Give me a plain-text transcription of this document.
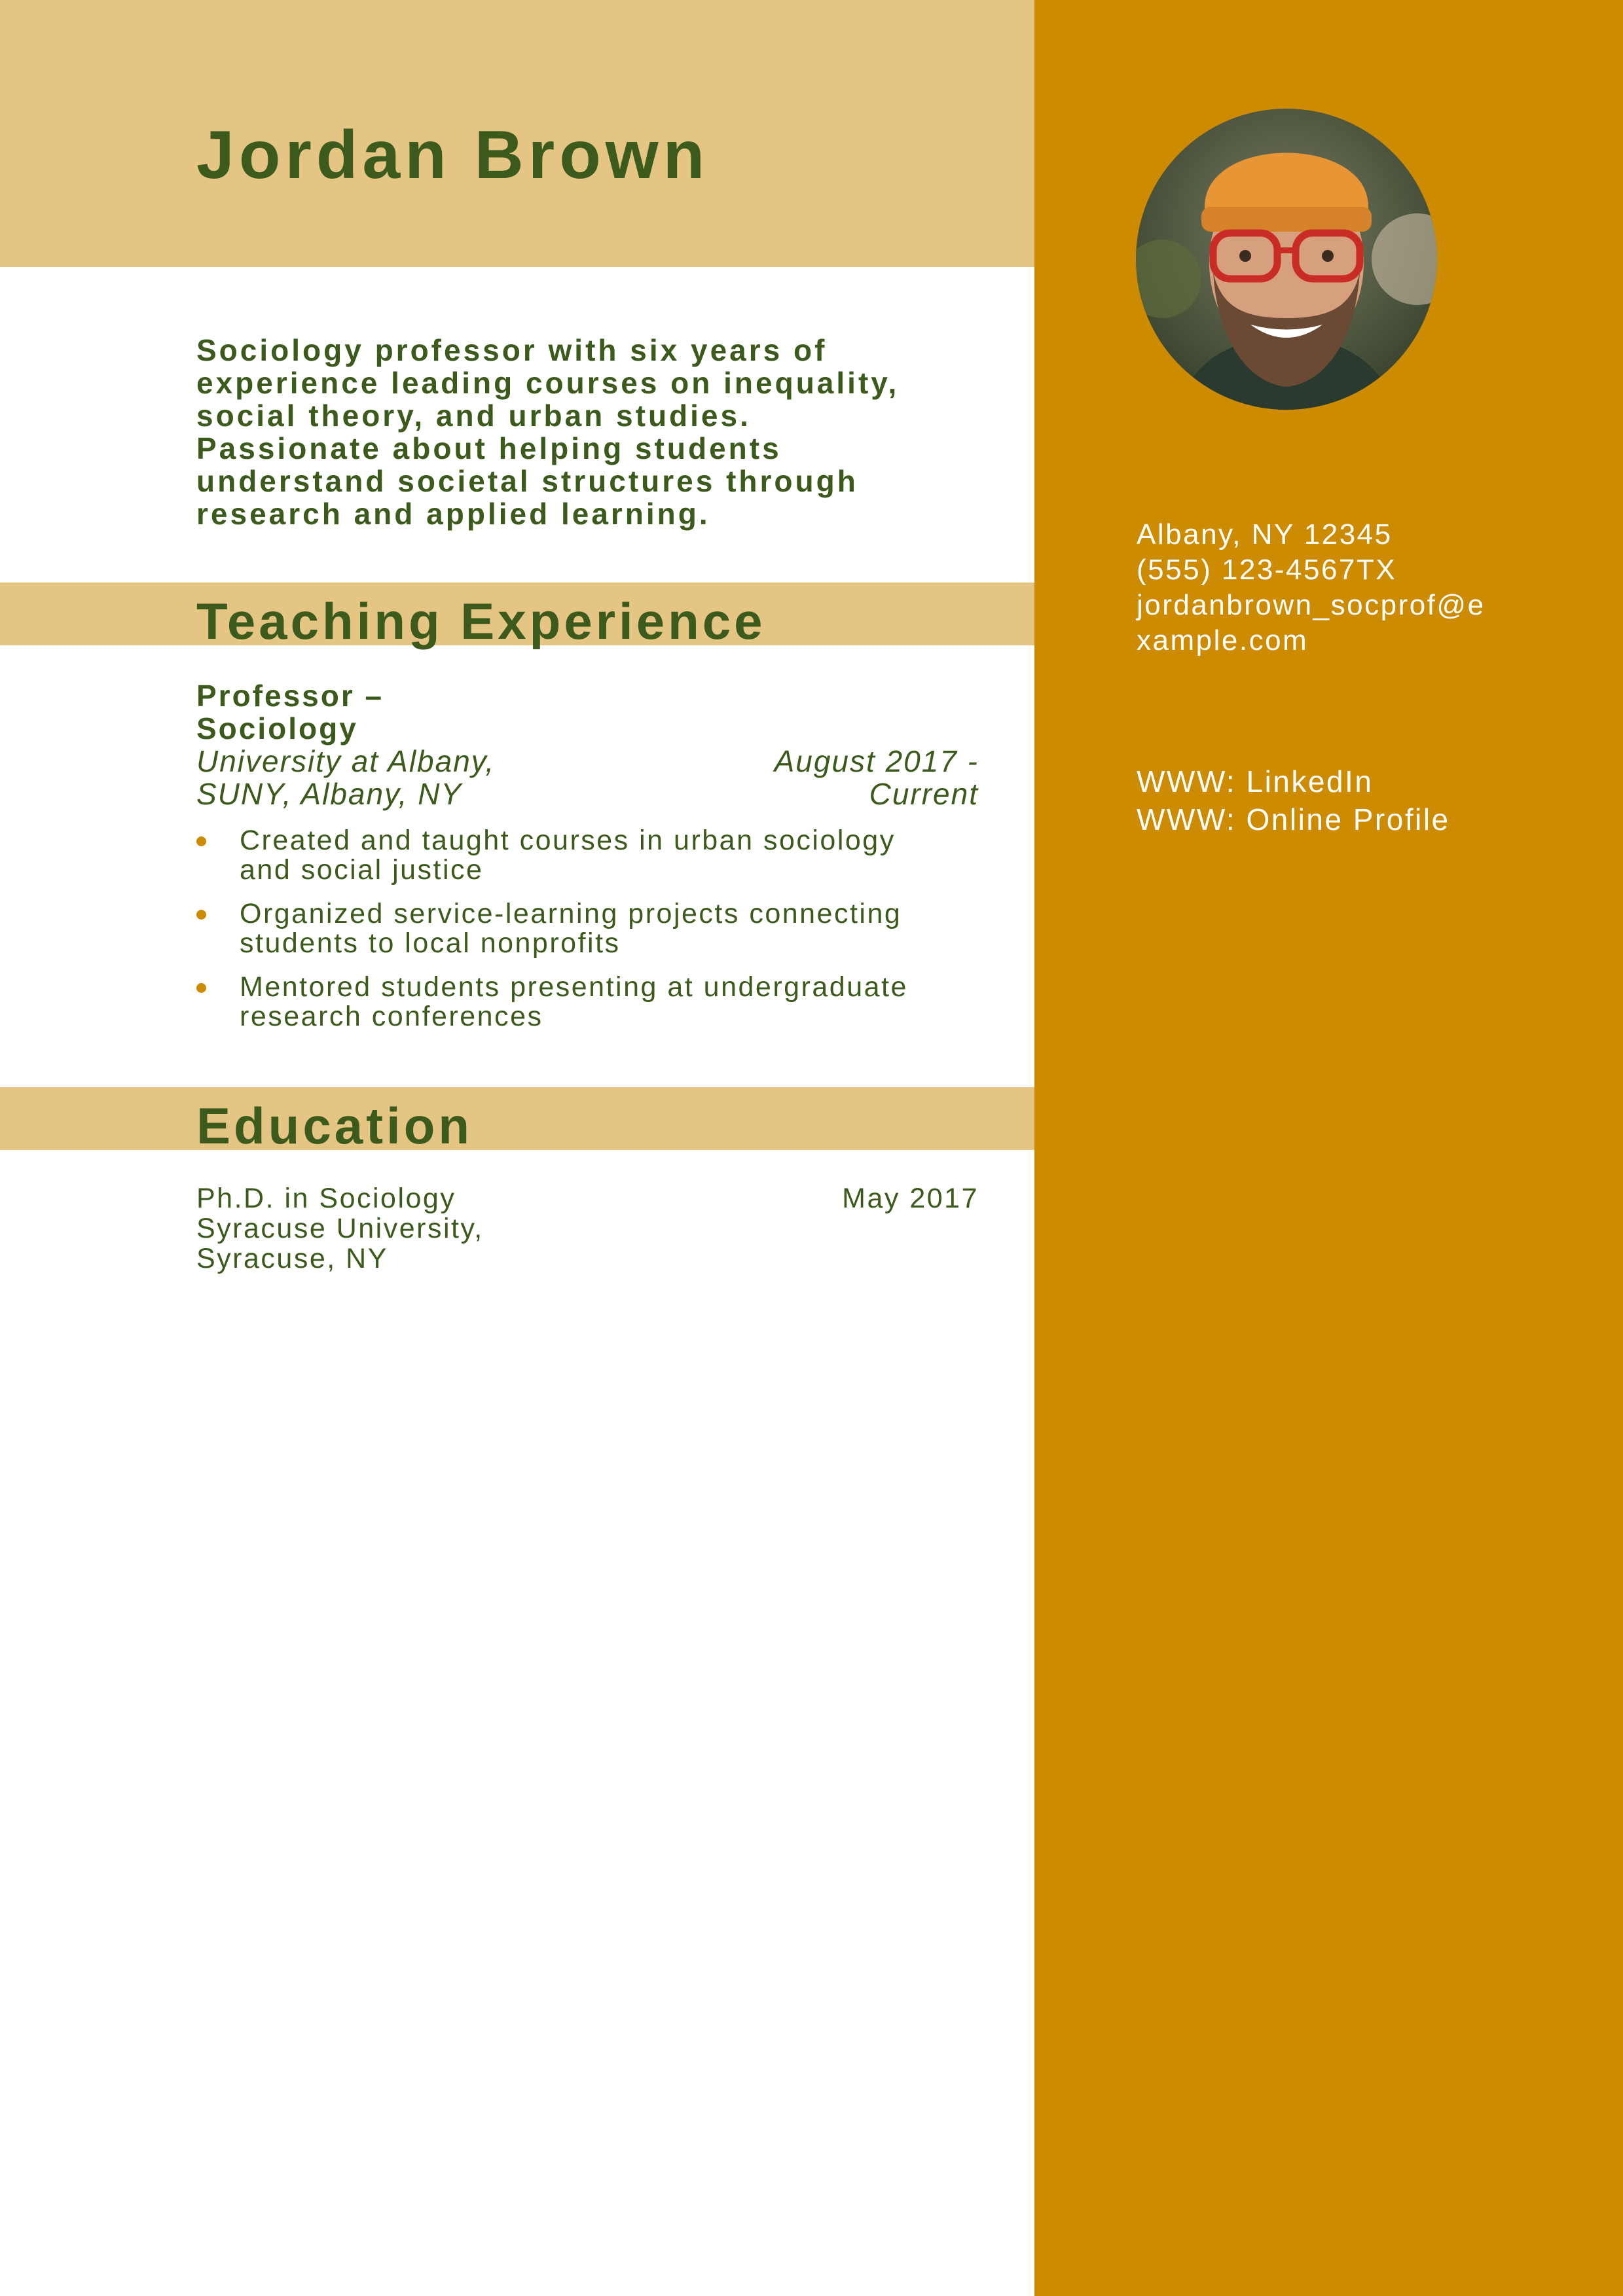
Jordan Brown
Sociology professor with six years of
experience leading courses on inequality,
social theory, and urban studies.
Passionate about helping students
understand societal structures through
research and applied learning.
Teaching Experience
Professor –
Sociology
University at Albany,
SUNY, Albany, NY
August 2017 -
Current
Created and taught courses in urban sociology
and social justice
Organized service-learning projects connecting
students to local nonprofits
Mentored students presenting at undergraduate
research conferences
Education
Ph.D. in Sociology
Syracuse University,
Syracuse, NY
May 2017
Albany, NY 12345
(555) 123-4567TX
jordanbrown_socprof@e
xample.com
WWW: LinkedIn
WWW: Online Profile
